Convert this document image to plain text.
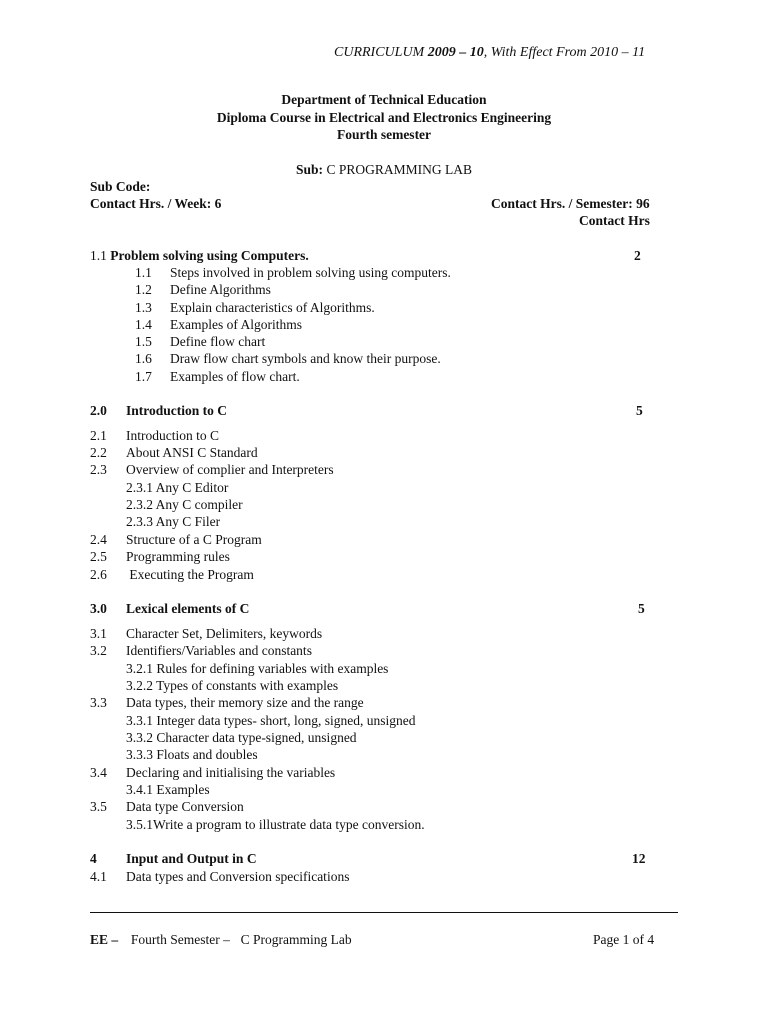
CURRICULUM 2009 – 10, With Effect From 2010 – 11
Department of Technical Education
Diploma Course in Electrical and Electronics Engineering
Fourth semester
Sub: C PROGRAMMING LAB
Sub Code:
Contact Hrs. / Week: 6	Contact Hrs. / Semester: 96
Contact Hrs
1.1 Problem solving using Computers.	2
1.1 Steps involved in problem solving using computers.
1.2 Define Algorithms
1.3 Explain characteristics of Algorithms.
1.4 Examples of Algorithms
1.5 Define flow chart
1.6 Draw flow chart symbols and know their purpose.
1.7 Examples of flow chart.
2.0 Introduction to C	5
2.1 Introduction to C
2.2 About ANSI C Standard
2.3 Overview of complier and Interpreters
2.3.1 Any C Editor
2.3.2 Any C compiler
2.3.3 Any C Filer
2.4 Structure of a C Program
2.5 Programming rules
2.6 Executing the Program
3.0 Lexical elements of C	5
3.1 Character Set, Delimiters, keywords
3.2 Identifiers/Variables and constants
3.2.1 Rules for defining variables with examples
3.2.2 Types of constants with examples
3.3 Data types, their memory size and the range
3.3.1 Integer data types- short, long, signed, unsigned
3.3.2 Character data type-signed, unsigned
3.3.3 Floats and doubles
3.4 Declaring and initialising the variables
3.4.1 Examples
3.5 Data type Conversion
3.5.1Write a program to illustrate data type conversion.
4 Input and Output in C	12
4.1 Data types and Conversion specifications
EE – Fourth Semester – C Programming Lab	Page 1 of 4
